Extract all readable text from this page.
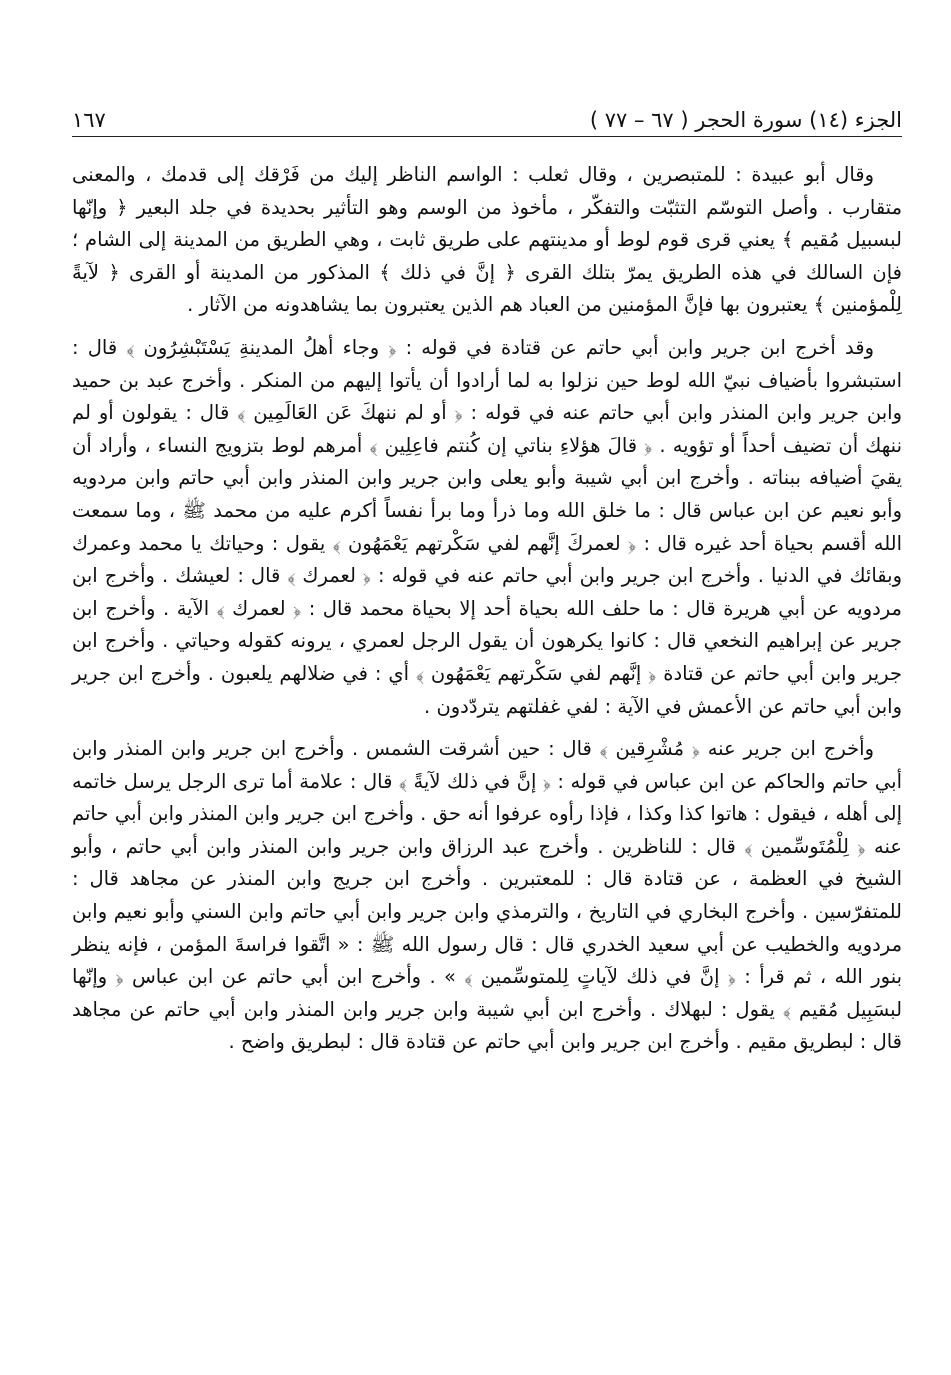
الجزء (١٤) سورة الحجر ( ٦٧ – ٧٧ )
١٦٧

وقال أبو عبيدة : للمتبصرين ، وقال ثعلب : الواسم الناظر إليك من فَرْقك إلى قدمك ، والمعنى متقارب . وأصل التوسّم التثبّت والتفكّر ، مأخوذ من الوسم وهو التأثير بحديدة في جلد البعير ﴿ وإنّها لبسبيل مُقيم ﴾ يعني قرى قوم لوط أو مدينتهم على طريق ثابت ، وهي الطريق من المدينة إلى الشام ؛ فإن السالك في هذه الطريق يمرّ بتلك القرى ﴿ إنَّ في ذلك ﴾ المذكور من المدينة أو القرى ﴿ لآيةً لِلْمؤمنين ﴾ يعتبرون بها فإنَّ المؤمنين من العباد هم الذين يعتبرون بما يشاهدونه من الآثار .

وقد أخرج ابن جرير وابن أبي حاتم عن قتادة في قوله : ﴿ وجاء أهلُ المدينةِ يَسْتَبْشِرُون ﴾ قال : استبشروا بأضياف نبيّ الله لوط حين نزلوا به لما أرادوا أن يأتوا إليهم من المنكر . وأخرج عبد بن حميد وابن جرير وابن المنذر وابن أبي حاتم عنه في قوله : ﴿ أو لم ننهكَ عَن العَالَمِين ﴾ قال : يقولون أو لم ننهك أن تضيف أحداً أو تؤويه . ﴿ قالَ هؤلاءِ بناتي إن كُنتم فاعِلِين ﴾ أمرهم لوط بتزويج النساء ، وأراد أن يقيَ أضيافه ببناته . وأخرج ابن أبي شيبة وأبو يعلى وابن جرير وابن المنذر وابن أبي حاتم وابن مردويه وأبو نعيم عن ابن عباس قال : ما خلق الله وما ذرأ وما برأ نفساً أكرم عليه من محمد ﷺ ، وما سمعت الله أقسم بحياة أحد غيره قال : ﴿ لعمركَ إنَّهم لفي سَكْرتهم يَعْمَهُون ﴾ يقول : وحياتك يا محمد وعمرك وبقائك في الدنيا . وأخرج ابن جرير وابن أبي حاتم عنه في قوله : ﴿ لعمرك ﴾ قال : لعيشك . وأخرج ابن مردويه عن أبي هريرة قال : ما حلف الله بحياة أحد إلا بحياة محمد قال : ﴿ لعمرك ﴾ الآية . وأخرج ابن جرير عن إبراهيم النخعي قال : كانوا يكرهون أن يقول الرجل لعمري ، يرونه كقوله وحياتي . وأخرج ابن جرير وابن أبي حاتم عن قتادة ﴿ إنَّهم لفي سَكْرتهم يَعْمَهُون ﴾ أي : في ضلالهم يلعبون . وأخرج ابن جرير وابن أبي حاتم عن الأعمش في الآية : لفي غفلتهم يتردّدون .

وأخرج ابن جرير عنه ﴿ مُشْرِقين ﴾ قال : حين أشرقت الشمس . وأخرج ابن جرير وابن المنذر وابن أبي حاتم والحاكم عن ابن عباس في قوله : ﴿ إنَّ في ذلك لآيةً ﴾ قال : علامة أما ترى الرجل يرسل خاتمه إلى أهله ، فيقول : هاتوا كذا وكذا ، فإذا رأوه عرفوا أنه حق . وأخرج ابن جرير وابن المنذر وابن أبي حاتم عنه ﴿ لِلْمُتَوسِّمين ﴾ قال : للناظرين . وأخرج عبد الرزاق وابن جرير وابن المنذر وابن أبي حاتم ، وأبو الشيخ في العظمة ، عن قتادة قال : للمعتبرين . وأخرج ابن جريج وابن المنذر عن مجاهد قال : للمتفرّسين . وأخرج البخاري في التاريخ ، والترمذي وابن جرير وابن أبي حاتم وابن السني وأبو نعيم وابن مردويه والخطيب عن أبي سعيد الخدري قال : قال رسول الله ﷺ : « اتَّقوا فراسةَ المؤمن ، فإنه ينظر بنور الله ، ثم قرأ : ﴿ إنَّ في ذلك لآياتٍ لِلمتوسِّمين ﴾ » . وأخرج ابن أبي حاتم عن ابن عباس ﴿ وإنّها لبسَبِيل مُقيم ﴾ يقول : لبهلاك . وأخرج ابن أبي شيبة وابن جرير وابن المنذر وابن أبي حاتم عن مجاهد قال : لبطريق مقيم . وأخرج ابن جرير وابن أبي حاتم عن قتادة قال : لبطريق واضح .
